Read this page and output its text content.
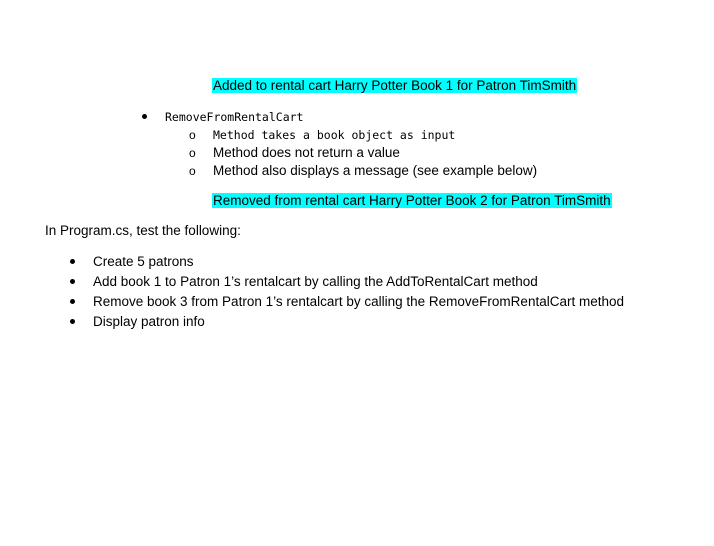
Added to rental cart Harry Potter Book 1 for Patron TimSmith
RemoveFromRentalCart
o Method takes a book object as input
o Method does not return a value
o Method also displays a message (see example below)
Removed from rental cart Harry Potter Book 2 for Patron TimSmith
In Program.cs, test the following:
Create 5 patrons
Add book 1 to Patron 1’s rentalcart by calling the AddToRentalCart method
Remove book 3 from Patron 1’s rentalcart by calling the RemoveFromRentalCart method
Display patron info
